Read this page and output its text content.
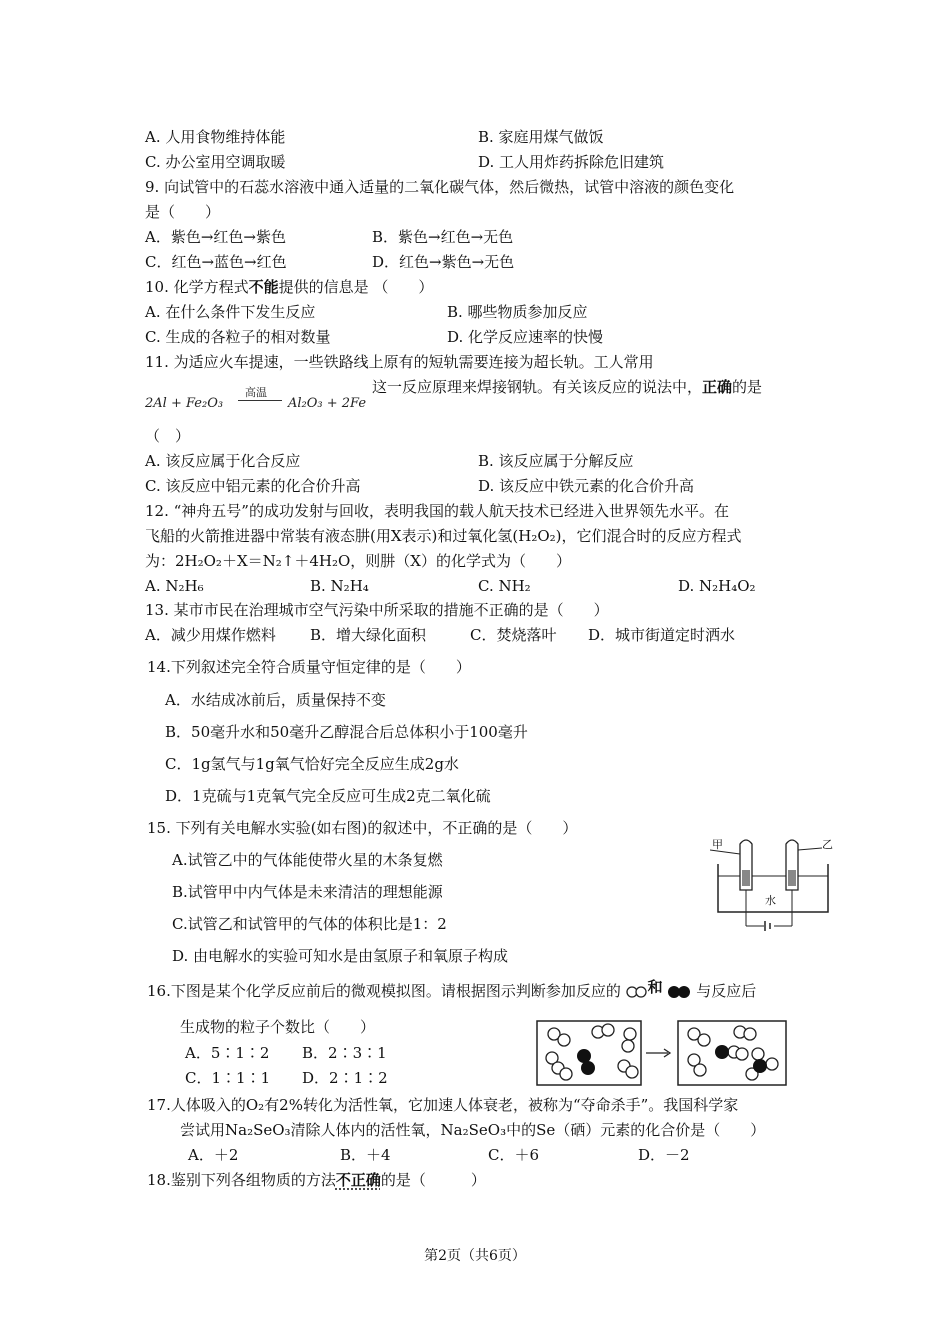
A. 人用食物维持体能	B. 家庭用煤气做饭
C. 办公室用空调取暖	D. 工人用炸药拆除危旧建筑
9. 向试管中的石蕊水溶液中通入适量的二氧化碳气体，然后微热，试管中溶液的颜色变化
是（　　）
A．紫色→红色→紫色	B．紫色→红色→无色
C．红色→蓝色→红色	D．红色→紫色→无色
10. 化学方程式不能提供的信息是 （　　）
A. 在什么条件下发生反应	B. 哪些物质参加反应
C. 生成的各粒子的相对数量	D. 化学反应速率的快慢
11. 为适应火车提速，一些铁路线上原有的短轨需要连接为超长轨。工人常用
2Al + Fe₂O₃
高温
Al₂O₃ + 2Fe
这一反应原理来焊接钢轨。有关该反应的说法中，正确的是
（　）
A. 该反应属于化合反应	B. 该反应属于分解反应
C. 该反应中铝元素的化合价升高	D. 该反应中铁元素的化合价升高
12. “神舟五号”的成功发射与回收，表明我国的载人航天技术已经进入世界领先水平。在
飞船的火箭推进器中常装有液态肼(用X表示)和过氧化氢(H₂O₂)，它们混合时的反应方程式
为：2H₂O₂＋X＝N₂↑＋4H₂O，则肼（X）的化学式为（　　）
A. N₂H₆	B. N₂H₄	C. NH₂	D. N₂H₄O₂
13. 某市市民在治理城市空气污染中所采取的措施不正确的是（　　）
A．减少用煤作燃料 B．增大绿化面积	C．焚烧落叶 D．城市街道定时洒水
14.下列叙述完全符合质量守恒定律的是（　　）
A．水结成冰前后，质量保持不变
B．50毫升水和50毫升乙醇混合后总体积小于100毫升
C．1g氢气与1g氧气恰好完全反应生成2g水
D．1克硫与1克氧气完全反应可生成2克二氧化硫
15. 下列有关电解水实验(如右图)的叙述中，不正确的是（　　）
A.试管乙中的气体能使带火星的木条复燃
B.试管甲中内气体是未来清洁的理想能源
C.试管乙和试管甲的气体的体积比是1：2
D. 由电解水的实验可知水是由氢原子和氧原子构成
甲	乙
水
16.下图是某个化学反应前后的微观模拟图。请根据图示判断参加反应的 和 与反应后
生成物的粒子个数比（　　）
A．5∶1∶2 B．2∶3∶1
C．1∶1∶1 D．2∶1∶2
17.人体吸入的O₂有2%转化为活性氧，它加速人体衰老，被称为“夺命杀手”。我国科学家
尝试用Na₂SeO₃清除人体内的活性氧，Na₂SeO₃中的Se（硒）元素的化合价是（　　）
A．＋2	B．＋4	C．＋6	D．－2
18.鉴别下列各组物质的方法不正确的是（　　　）
第2页（共6页）
